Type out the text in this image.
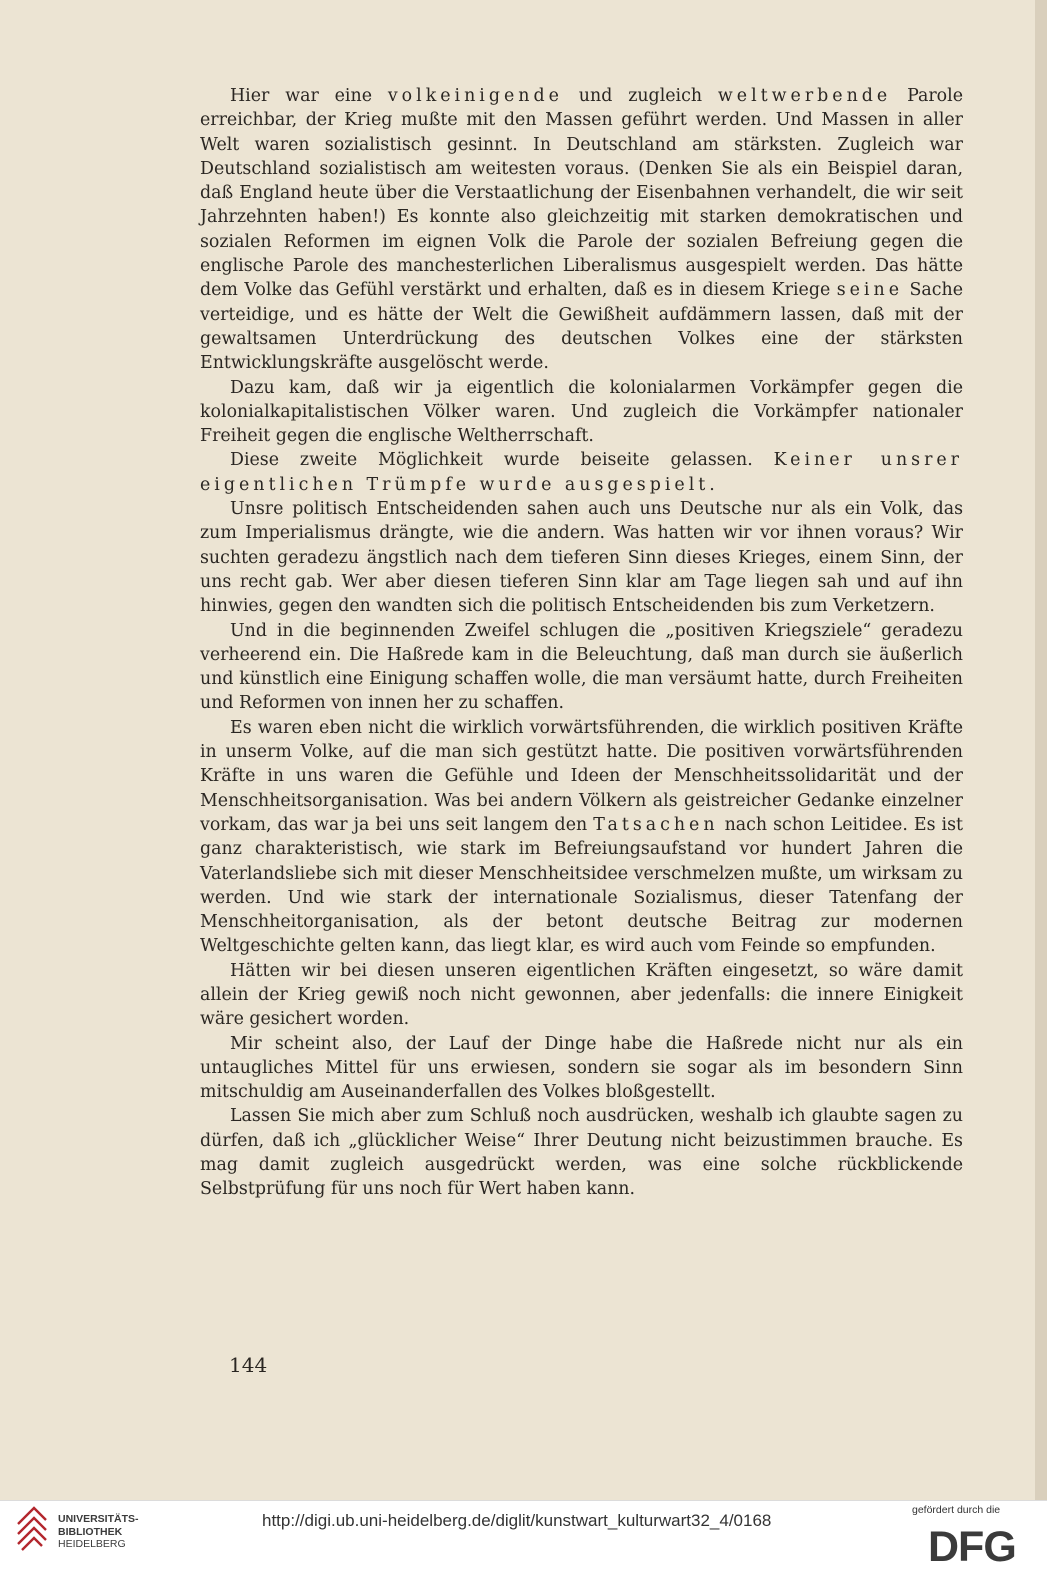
Hier war eine volkeinigende und zugleich weltwerbende Parole erreichbar, der Krieg mußte mit den Massen geführt werden. Und Massen in aller Welt waren sozialistisch gesinnt. In Deutschland am stärksten. Zugleich war Deutschland sozialistisch am weitesten voraus. (Denken Sie als ein Beispiel daran, daß England heute über die Verstaatlichung der Eisenbahnen verhandelt, die wir seit Jahrzehnten haben!) Es konnte also gleichzeitig mit starken demokratischen und sozialen Reformen im eignen Volk die Parole der sozialen Befreiung gegen die englische Parole des manchesterlichen Liberalismus ausgespielt werden. Das hätte dem Volke das Gefühl verstärkt und erhalten, daß es in diesem Kriege seine Sache verteidige, und es hätte der Welt die Gewißheit aufdämmern lassen, daß mit der gewaltsamen Unterdrückung des deutschen Volkes eine der stärksten Entwicklungskräfte ausgelöscht werde.

Dazu kam, daß wir ja eigentlich die kolonialarmen Vorkämpfer gegen die kolonialkapitalistischen Völker waren. Und zugleich die Vorkämpfer nationaler Freiheit gegen die englische Weltherrschaft.

Diese zweite Möglichkeit wurde beiseite gelassen. Keiner unsrer eigentlichen Trümpfe wurde ausgespielt.

Unsre politisch Entscheidenden sahen auch uns Deutsche nur als ein Volk, das zum Imperialismus drängte, wie die andern. Was hatten wir vor ihnen voraus? Wir suchten geradezu ängstlich nach dem tieferen Sinn dieses Krieges, einem Sinn, der uns recht gab. Wer aber diesen tieferen Sinn klar am Tage liegen sah und auf ihn hinwies, gegen den wandten sich die politisch Entscheidenden bis zum Verketzern.

Und in die beginnenden Zweifel schlugen die „positiven Kriegsziele“ geradezu verheerend ein. Die Haßrede kam in die Beleuchtung, daß man durch sie äußerlich und künstlich eine Einigung schaffen wolle, die man versäumt hatte, durch Freiheiten und Reformen von innen her zu schaffen.

Es waren eben nicht die wirklich vorwärtsführenden, die wirklich positiven Kräfte in unserm Volke, auf die man sich gestützt hatte. Die positiven vorwärtsführenden Kräfte in uns waren die Gefühle und Ideen der Menschheitssolidarität und der Menschheitsorganisation. Was bei andern Völkern als geistreicher Gedanke einzelner vorkam, das war ja bei uns seit langem den Tatsachen nach schon Leitidee. Es ist ganz charakteristisch, wie stark im Befreiungsaufstand vor hundert Jahren die Vaterlandsliebe sich mit dieser Menschheitsidee verschmelzen mußte, um wirksam zu werden. Und wie stark der internationale Sozialismus, dieser Tatenfang der Menschheitorganisation, als der betont deutsche Beitrag zur modernen Weltgeschichte gelten kann, das liegt klar, es wird auch vom Feinde so empfunden.

Hätten wir bei diesen unseren eigentlichen Kräften eingesetzt, so wäre damit allein der Krieg gewiß noch nicht gewonnen, aber jedenfalls: die innere Einigkeit wäre gesichert worden.

Mir scheint also, der Lauf der Dinge habe die Haßrede nicht nur als ein untaugliches Mittel für uns erwiesen, sondern sie sogar als im besondern Sinn mitschuldig am Auseinanderfallen des Volkes bloßgestellt.

Lassen Sie mich aber zum Schluß noch ausdrücken, weshalb ich glaubte sagen zu dürfen, daß ich „glücklicher Weise“ Ihrer Deutung nicht beizustimmen brauche. Es mag damit zugleich ausgedrückt werden, was eine solche rückblickende Selbstprüfung für uns noch für Wert haben kann.

144
UNIVERSITÄTS-
BIBLIOTHEK
HEIDELBERG
http://digi.ub.uni-heidelberg.de/diglit/kunstwart_kulturwart32_4/0168
gefördert durch die
DFG
